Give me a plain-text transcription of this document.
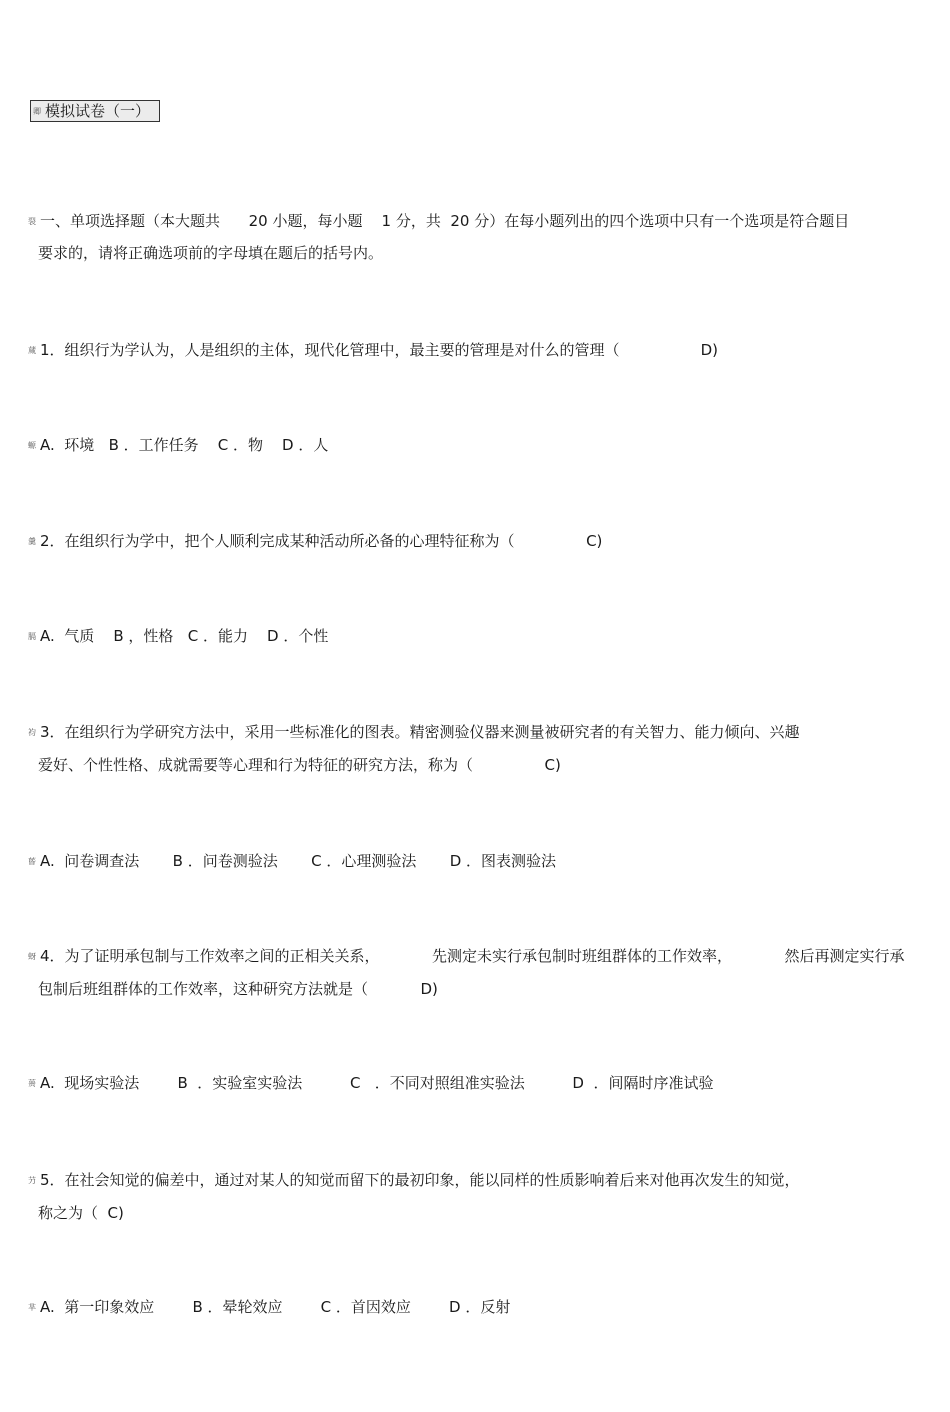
卿 模拟试卷（一）
裂 一、单项选择题（本大题共      20 小题，每小题    1 分，共  20 分）在每小题列出的四个选项中只有一个选项是符合题目
要求的，请将正确选项前的字母填在题后的括号内。
蒇 1．组织行为学认为，人是组织的主体，现代化管理中，最主要的管理是对什么的管理（                 D)
螈 A.  环境   B ．工作任务    C ．物    D ．人
羹 2．在组织行为学中，把个人顺利完成某种活动所必备的心理特征称为（               C)
膈 A.  气质    B ，性格   C ．能力    D ．个性
袀 3．在组织行为学研究方法中，采用一些标准化的图表。精密测验仪器来测量被研究者的有关智力、能力倾向、兴趣
爱好、个性性格、成就需要等心理和行为特征的研究方法，称为（               C)
蒈 A.  问卷调查法       B ．问卷测验法       C ．心理测验法       D ．图表测验法
蚜 4．为了证明承包制与工作效率之间的正相关关系，           先测定未实行承包制时班组群体的工作效率，           然后再测定实行承
包制后班组群体的工作效率，这种研究方法就是（           D)
蒉 A.  现场实验法        B  ．实验室实验法          C   ．不同对照组准实验法          D  ．间隔时序准试验
芀 5．在社会知觉的偏差中，通过对某人的知觉而留下的最初印象，能以同样的性质影响着后来对他再次发生的知觉，
称之为（  C)
芈 A.  第一印象效应        B ．晕轮效应        C ．首因效应        D ．反射
